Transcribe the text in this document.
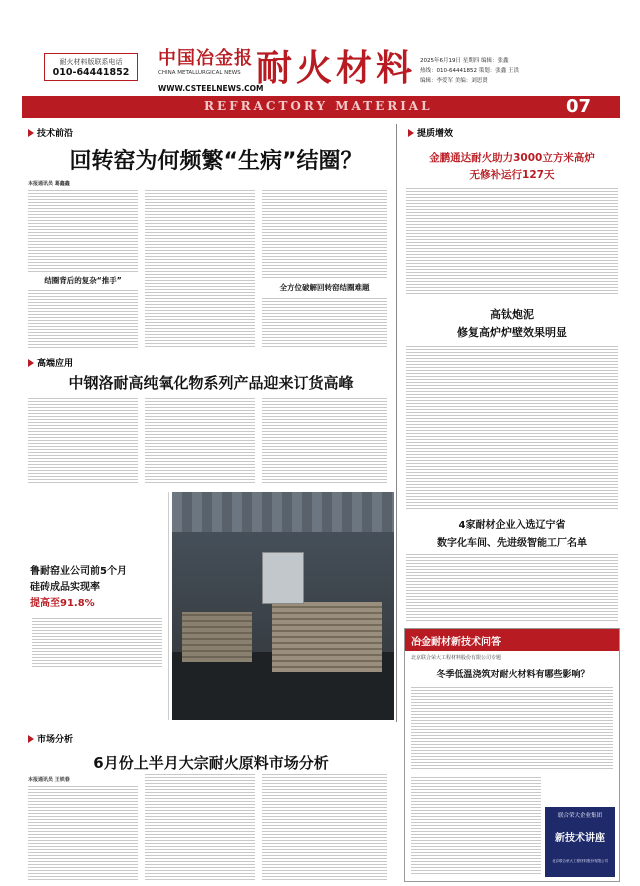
耐火材料版联系电话
010-64441852
中国冶金报
CHINA METALLURGICAL NEWS
WWW.CSTEELNEWS.COM
耐火材料 2025年6月19日 星期四 编辑：张鑫
热线：010-64441852 策划：张鑫 王洪
编辑：李爱军 美编：刘思贤
REFRACTORY MATERIAL	07
技术前沿
回转窑为何频繁“生病”结圈？
本报通讯员 葛鑫鑫
结圈背后的复杂“推手”
全方位破解回转窑结圈难题
提质增效
金鹏通达耐火助力3000立方米高炉
无修补运行127天
高钛炮泥
修复高炉炉壁效果明显
4家耐材企业入选辽宁省
数字化车间、先进级智能工厂名单
高端应用
中钢洛耐高纯氧化物系列产品迎来订货高峰
鲁耐窑业公司前5个月
硅砖成品实现率
提高至91.8%
市场分析
6月份上半月大宗耐火原料市场分析
本报通讯员 王铁春
冶金耐材新技术问答
北京联合荣大工程材料股份有限公司专题
冬季低温浇筑对耐火材料有哪些影响？
联合荣大企业集团
新技术讲座
北京联合荣大工程材料股份有限公司
